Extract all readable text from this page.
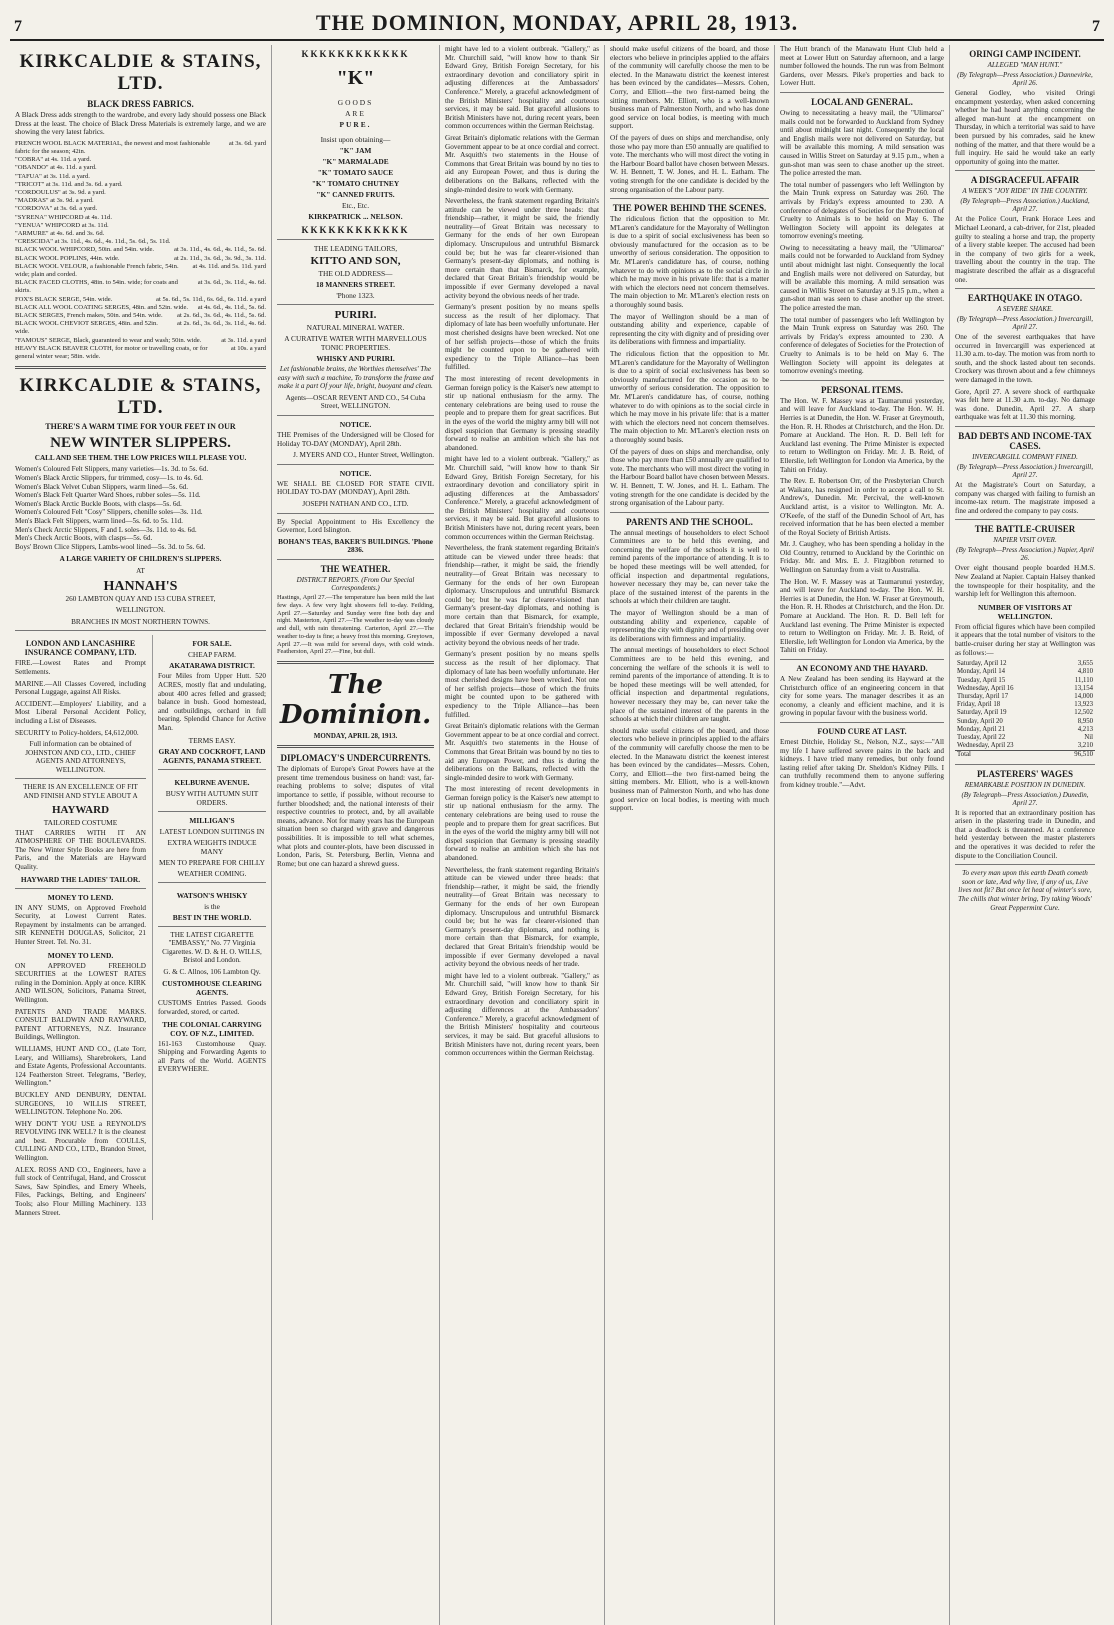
7	THE DOMINION, MONDAY, APRIL 28, 1913.	7
KIRKCALDIE & STAINS, LTD.
BLACK DRESS FABRICS.

A Black Dress adds strength to the wardrobe, and every lady should possess one Black Dress at the least. The choice of Black Dress Materials is extremely large, and we are showing the very latest fabrics.

FRENCH WOOL BLACK MATERIAL, the newest and most fashionable fabric for the season; 42in.
at 3s. 6d. yard
"COBRA" at 4s. 11d. a yard.
"OBANDO" at 4s. 11d. a yard.
"TAFUA" at 3s. 11d. a yard.
"TRICOT" at 3s. 11d. and 3s. 6d. a yard.
"CORDOULUS" at 3s. 9d. a yard.
"MADRAS" at 3s. 9d. a yard.
"CORDOVA" at 3s. 6d. a yard.
"SYRENA" WHIPCORD at 4s. 11d.
"YENUA" WHIPCORD at 3s. 11d.
"ARMURE" at 4s. 6d. and 3s. 6d.
"CRESCIDA" at 3s. 11d., 4s. 6d., 4s. 11d., 5s. 6d., 5s. 11d.
BLACK WOOL WHIPCORD, 50in. and 54in. wide.	at 3s. 11d., 4s. 6d., 4s. 11d., 5s. 6d.
BLACK WOOL POPLINS, 44in. wide.	at 2s. 11d., 3s. 6d., 3s. 9d., 3s. 11d.
BLACK WOOL VELOUR, a fashionable French fabric, 54in. wide; plain and corded.
at 4s. 11d. and 5s. 11d. yard
BLACK FACED CLOTHS, 48in. to 54in. wide; for coats and skirts.
at 3s. 6d., 3s. 11d., 4s. 6d.
FOX'S BLACK SERGE, 54in. wide.	at 5s. 6d., 5s. 11d., 6s. 6d., 6s. 11d. a yard
BLACK ALL WOOL COATING SERGES, 48in. and 52in. wide. at 4s. 6d., 4s. 11d., 5s. 6d.
BLACK SERGES, French makes, 50in. and 54in. wide. at 2s. 6d., 3s. 6d., 4s. 11d., 5s. 6d.
BLACK WOOL CHEVIOT SERGES, 48in. and 52in. wide.
at 2s. 6d., 3s. 6d., 3s. 11d., 4s. 6d.
"FAMOUS" SERGE, Black, guaranteed to wear and wash; 50in. wide.	at 3s. 11d. a yard
HEAVY BLACK BEAVER CLOTH, for motor or travelling coats, or for general winter wear; 58in. wide.
at 10s. a yard
KIRKCALDIE & STAINS, LTD.
THERE'S A WARM TIME FOR YOUR FEET IN OUR
NEW WINTER SLIPPERS.
CALL AND SEE THEM. THE LOW PRICES WILL PLEASE YOU.
Women's Coloured Felt Slippers, many varieties—1s. 3d. to 5s. 6d.
Women's Black Arctic Slippers, fur trimmed, cosy—1s. to 4s. 6d.
Women's Black Velvet Cuban Slippers, warm lined—5s. 6d.
Women's Black Felt Quarter Ward Shoes, rubber soles—5s. 11d.
Women's Black Arctic Buckle Boots, with clasps—5s. 6d.
Women's Coloured Felt "Cosy" Slippers, chenille soles—3s. 11d.
Men's Black Felt Slippers, warm lined—5s. 6d. to 5s. 11d.
Men's Check Arctic Slippers, F and L soles—3s. 11d. to 4s. 6d.
Men's Check Arctic Boots, with clasps—5s. 6d.
Boys' Brown Clice Slippers, Lambs-wool lined—5s. 3d. to 5s. 6d.
A LARGE VARIETY OF CHILDREN'S SLIPPERS.
AT
HANNAH'S
260 LAMBTON QUAY AND 153 CUBA STREET,
WELLINGTON.
BRANCHES IN MOST NORTHERN TOWNS.
LONDON AND LANCASHIRE INSURANCE COMPANY, LTD.

FIRE.—Lowest Rates and Prompt Settlements.

MARINE.—All Classes Covered, including Personal Luggage, against All Risks.

ACCIDENT.—Employers' Liability, and a Most Liberal Personal Accident Policy, including a List of Diseases.

SECURITY to Policy-holders, £4,612,000.

Full information can be obtained of JOHNSTON AND CO., LTD., CHIEF AGENTS AND ATTORNEYS, WELLINGTON.

THERE IS AN EXCELLENCE OF FIT AND FINISH AND STYLE ABOUT A

HAYWARD
TAILORED COSTUME

THAT CARRIES WITH IT AN ATMOSPHERE OF THE BOULEVARDS. The New Winter Style Books are here from Paris, and the Materials are Hayward Quality.

HAYWARD THE LADIES' TAILOR.
MONEY TO LEND.

IN ANY SUMS, on Approved Freehold Security, at Lowest Current Rates. Repayment by instalments can be arranged. SIR KENNETH DOUGLAS, Solicitor, 21 Hunter Street. Tel. No. 31.

MONEY TO LEND.

ON APPROVED FREEHOLD SECURITIES at the LOWEST RATES ruling in the Dominion. Apply at once. KIRK AND WILSON, Solicitors, Panama Street, Wellington.

PATENTS AND TRADE MARKS. CONSULT BALDWIN AND RAYWARD, PATENT ATTORNEYS, N.Z. Insurance Buildings, Wellington.

WILLIAMS, HUNT AND CO., (Late Torr, Leary, and Williams), Sharebrokers, Land and Estate Agents, Professional Accountants. 124 Featherston Street. Telegrams, "Berley, Wellington."

BUCKLEY AND DENBURY, DENTAL SURGEONS, 10 WILLIS STREET, WELLINGTON. Telephone No. 206.

WHY DON'T YOU USE a REYNOLD'S REVOLVING INK WELL? It is the cleanest and best. Procurable from COULLS, CULLING AND CO., LTD., Brandon Street, Wellington.

ALEX. ROSS AND CO., Engineers, have a full stock of Centrifugal, Hand, and Crosscut Saws, Saw Spindles, and Emery Wheels, Files, Packings, Belting, and Engineers' Tools; also Flour Milling Machinery. 133 Manners Street.

FOR SALE.
CHEAP FARM.
AKATARAWA DISTRICT.

Four Miles from Upper Hutt. 520 ACRES, mostly flat and undulating, about 400 acres felled and grassed; balance in bush. Good homestead, and outbuildings, orchard in full bearing. Splendid Chance for Active Man.

TERMS EASY.
GRAY AND COCKROFT, LAND AGENTS, PANAMA STREET.
KELBURNE AVENUE.
BUSY WITH AUTUMN SUIT ORDERS.
MILLIGAN'S
LATEST LONDON SUITINGS IN
EXTRA WEIGHTS INDUCE MANY
MEN TO PREPARE FOR CHILLY
WEATHER COMING.
WATSON'S WHISKY
is the
BEST IN THE WORLD.

THE LATEST CIGARETTE "EMBASSY," No. 77 Virginia Cigarettes. W. D. & H. O. WILLS, Bristol and London.

G. & C. Allnos, 106 Lambton Qy.

CUSTOMHOUSE CLEARING AGENTS.

CUSTOMS Entries Passed. Goods forwarded, stored, or carted.

THE COLONIAL CARRYING COY. OF N.Z., LIMITED.

161-163 Customhouse Quay. Shipping and Forwarding Agents to all Parts of the World. AGENTS EVERYWHERE.

KKKKKKKKKKKK
"K"
GOODS
ARE
PURE.
Insist upon obtaining—
"K" JAM
"K" MARMALADE
"K" TOMATO SAUCE
"K" TOMATO CHUTNEY
"K" CANNED FRUITS.
Etc., Etc.
KIRKPATRICK ... NELSON.
KKKKKKKKKKKK
THE LEADING TAILORS,
KITTO AND SON,
THE OLD ADDRESS—
18 MANNERS STREET.
'Phone 1323.
PURIRI.
NATURAL MINERAL WATER.
A CURATIVE WATER WITH MARVELLOUS TONIC PROPERTIES.
WHISKY AND PURIRI.

Let fashionable brains, the Worthies themselves' The easy with such a machine, To transform the frame and make it a part Of your life, bright, buoyant and clean.

Agents—OSCAR REVENT AND CO., 54 Cuba Street, WELLINGTON.

NOTICE.

THE Premises of the Undersigned will be Closed for Holiday TO-DAY (MONDAY), April 28th.

J. MYERS AND CO., Hunter Street, Wellington.

NOTICE.

WE SHALL BE CLOSED FOR STATE CIVIL HOLIDAY TO-DAY (MONDAY), April 28th.

JOSEPH NATHAN AND CO., LTD.

By Special Appointment to His Excellency the Governor, Lord Islington.

BOHAN'S TEAS, BAKER'S BUILDINGS. 'Phone 2836.

THE WEATHER.
DISTRICT REPORTS. (From Our Special Correspondents.)

Hastings, April 27.—The temperature has been mild the last few days. A few very light showers fell to-day. Feilding, April 27.—Saturday and Sunday were fine both day and night. Masterton, April 27.—The weather to-day was cloudy and dull, with rain threatening. Carterton, April 27.—The weather to-day is fine; a heavy frost this morning. Greytown, April 27.—It was mild for several days, with cold winds. Featherston, April 27.—Fine, but dull.

The Dominion.
MONDAY, APRIL 28, 1913.
DIPLOMACY'S UNDERCURRENTS.

The diplomats of Europe's Great Powers have at the present time tremendous business on hand: vast, far-reaching problems to solve; disputes of vital importance to settle, if possible, without recourse to further bloodshed; and, the national interests of their respective countries to protect, and, by all available means, advance. Not for many years has the European situation been so charged with grave and dangerous possibilities. It is impossible to tell what schemes, what plots and counter-plots, have been discussed in London, Paris, St. Petersburg, Berlin, Vienna and Rome; but one can hazard a shrewd guess.

might have led to a violent outbreak. "Gallery," as Mr. Churchill said, "will know how to thank Sir Edward Grey, British Foreign Secretary, for his extraordinary devotion and conciliatory spirit in adjusting differences at the Ambassadors' Conference." Merely, a graceful acknowledgment of the British Ministers' hospitality and courteous services, it may be said. But graceful allusions to British Ministers have not, during recent years, been common occurrences within the German Reichstag.

Great Britain's diplomatic relations with the German Government appear to be at once cordial and correct. Mr. Asquith's two statements in the House of Commons that Great Britain was bound by no ties to aid any European Power, and thus is during the deliberations on the Balkans, reflected with the single-minded desire to work with Germany.

Nevertheless, the frank statement regarding Britain's attitude can be viewed under three heads: that friendship—rather, it might be said, the friendly neutrality—of Great Britain was necessary to Germany for the ends of her own European diplomacy. Unscrupulous and untruthful Bismarck could be; but he was far clearer-visioned than Germany's present-day diplomats, and nothing is more certain than that Bismarck, for example, declared that Great Britain's friendship would be impossible if ever Germany developed a naval activity beyond the obvious needs of her trade.

Germany's present position by no means spells success as the result of her diplomacy. That diplomacy of late has been woefully unfortunate. Her most cherished designs have been wrecked. Not one of her selfish projects—those of which the fruits might be counted upon to be gathered with expediency to the Triple Alliance—has been fulfilled.

The most interesting of recent developments in German foreign policy is the Kaiser's new attempt to stir up national enthusiasm for the army. The centenary celebrations are being used to rouse the people and to prepare them for great sacrifices. But in the eyes of the world the mighty army bill will not dispel suspicion that Germany is pressing steadily forward to realise an ambition which she has not abandoned.

might have led to a violent outbreak. "Gallery," as Mr. Churchill said, "will know how to thank Sir Edward Grey, British Foreign Secretary, for his extraordinary devotion and conciliatory spirit in adjusting differences at the Ambassadors' Conference." Merely, a graceful acknowledgment of the British Ministers' hospitality and courteous services, it may be said. But graceful allusions to British Ministers have not, during recent years, been common occurrences within the German Reichstag.

Nevertheless, the frank statement regarding Britain's attitude can be viewed under three heads: that friendship—rather, it might be said, the friendly neutrality—of Great Britain was necessary to Germany for the ends of her own European diplomacy. Unscrupulous and untruthful Bismarck could be; but he was far clearer-visioned than Germany's present-day diplomats, and nothing is more certain than that Bismarck, for example, declared that Great Britain's friendship would be impossible if ever Germany developed a naval activity beyond the obvious needs of her trade.

Germany's present position by no means spells success as the result of her diplomacy. That diplomacy of late has been woefully unfortunate. Her most cherished designs have been wrecked. Not one of her selfish projects—those of which the fruits might be counted upon to be gathered with expediency to the Triple Alliance—has been fulfilled.

Great Britain's diplomatic relations with the German Government appear to be at once cordial and correct. Mr. Asquith's two statements in the House of Commons that Great Britain was bound by no ties to aid any European Power, and thus is during the deliberations on the Balkans, reflected with the single-minded desire to work with Germany.

The most interesting of recent developments in German foreign policy is the Kaiser's new attempt to stir up national enthusiasm for the army. The centenary celebrations are being used to rouse the people and to prepare them for great sacrifices. But in the eyes of the world the mighty army bill will not dispel suspicion that Germany is pressing steadily forward to realise an ambition which she has not abandoned.

Nevertheless, the frank statement regarding Britain's attitude can be viewed under three heads: that friendship—rather, it might be said, the friendly neutrality—of Great Britain was necessary to Germany for the ends of her own European diplomacy. Unscrupulous and untruthful Bismarck could be; but he was far clearer-visioned than Germany's present-day diplomats, and nothing is more certain than that Bismarck, for example, declared that Great Britain's friendship would be impossible if ever Germany developed a naval activity beyond the obvious needs of her trade.

might have led to a violent outbreak. "Gallery," as Mr. Churchill said, "will know how to thank Sir Edward Grey, British Foreign Secretary, for his extraordinary devotion and conciliatory spirit in adjusting differences at the Ambassadors' Conference." Merely, a graceful acknowledgment of the British Ministers' hospitality and courteous services, it may be said. But graceful allusions to British Ministers have not, during recent years, been common occurrences within the German Reichstag.

should make useful citizens of the board, and those electors who believe in principles applied to the affairs of the community will carefully choose the men to be elected. In the Manawatu district the keenest interest has been evinced by the candidates—Messrs. Cohen, Corry, and Elliott—the two first-named being the sitting members. Mr. Elliott, who is a well-known business man of Palmerston North, and who has done good service on local bodies, is meeting with much support.

Of the payers of dues on ships and merchandise, only those who pay more than £50 annually are qualified to vote. The merchants who will most direct the voting in the Harbour Board ballot have chosen between Messrs. W. H. Bennett, T. W. Jones, and H. L. Eatham. The voting strength for the one candidate is decided by the strong organisation of the Labour party.

THE POWER BEHIND THE SCENES.

The ridiculous fiction that the opposition to Mr. M'Laren's candidature for the Mayoralty of Wellington is due to a spirit of social exclusiveness has been so obviously manufactured for the occasion as to be unworthy of serious consideration. The opposition to Mr. M'Laren's candidature has, of course, nothing whatever to do with opinions as to the social circle in which he may move in his private life: that is a matter with which the electors need not concern themselves. The main objection to Mr. M'Laren's election rests on a thoroughly sound basis.

The mayor of Wellington should be a man of outstanding ability and experience, capable of representing the city with dignity and of presiding over its deliberations with firmness and impartiality.

The ridiculous fiction that the opposition to Mr. M'Laren's candidature for the Mayoralty of Wellington is due to a spirit of social exclusiveness has been so obviously manufactured for the occasion as to be unworthy of serious consideration. The opposition to Mr. M'Laren's candidature has, of course, nothing whatever to do with opinions as to the social circle in which he may move in his private life: that is a matter with which the electors need not concern themselves. The main objection to Mr. M'Laren's election rests on a thoroughly sound basis.

Of the payers of dues on ships and merchandise, only those who pay more than £50 annually are qualified to vote. The merchants who will most direct the voting in the Harbour Board ballot have chosen between Messrs. W. H. Bennett, T. W. Jones, and H. L. Eatham. The voting strength for the one candidate is decided by the strong organisation of the Labour party.

PARENTS AND THE SCHOOL.

The annual meetings of householders to elect School Committees are to be held this evening, and concerning the welfare of the schools it is well to remind parents of the importance of attending. It is to be hoped these meetings will be well attended, for official inspection and departmental regulations, however necessary they may be, can never take the place of the sustained interest of the parents in the schools at which their children are taught.

The mayor of Wellington should be a man of outstanding ability and experience, capable of representing the city with dignity and of presiding over its deliberations with firmness and impartiality.

The annual meetings of householders to elect School Committees are to be held this evening, and concerning the welfare of the schools it is well to remind parents of the importance of attending. It is to be hoped these meetings will be well attended, for official inspection and departmental regulations, however necessary they may be, can never take the place of the sustained interest of the parents in the schools at which their children are taught.

should make useful citizens of the board, and those electors who believe in principles applied to the affairs of the community will carefully choose the men to be elected. In the Manawatu district the keenest interest has been evinced by the candidates—Messrs. Cohen, Corry, and Elliott—the two first-named being the sitting members. Mr. Elliott, who is a well-known business man of Palmerston North, and who has done good service on local bodies, is meeting with much support.

The Hutt branch of the Manawatu Hunt Club held a meet at Lower Hutt on Saturday afternoon, and a large number followed the hounds. The run was from Belmont Gardens, over Messrs. Pike's properties and back to Lower Hutt.

LOCAL AND GENERAL.

Owing to necessitating a heavy mail, the "Ulimaroa" mails could not be forwarded to Auckland from Sydney until about midnight last night. Consequently the local and English mails were not delivered on Saturday, but will be available this morning. A mild sensation was caused in Willis Street on Saturday at 9.15 p.m., when a gun-shot man was seen to chase another up the street. The police arrested the man.

The total number of passengers who left Wellington by the Main Trunk express on Saturday was 260. The arrivals by Friday's express amounted to 230. A conference of delegates of Societies for the Protection of Cruelty to Animals is to be held on May 6. The Wellington Society will appoint its delegates at tomorrow evening's meeting.

Owing to necessitating a heavy mail, the "Ulimaroa" mails could not be forwarded to Auckland from Sydney until about midnight last night. Consequently the local and English mails were not delivered on Saturday, but will be available this morning. A mild sensation was caused in Willis Street on Saturday at 9.15 p.m., when a gun-shot man was seen to chase another up the street. The police arrested the man.

The total number of passengers who left Wellington by the Main Trunk express on Saturday was 260. The arrivals by Friday's express amounted to 230. A conference of delegates of Societies for the Protection of Cruelty to Animals is to be held on May 6. The Wellington Society will appoint its delegates at tomorrow evening's meeting.

PERSONAL ITEMS.

The Hon. W. F. Massey was at Taumarunui yesterday, and will leave for Auckland to-day. The Hon. W. H. Herries is at Dunedin, the Hon. W. Fraser at Greymouth, the Hon. R. H. Rhodes at Christchurch, and the Hon. Dr. Pomare at Auckland. The Hon. R. D. Bell left for Auckland last evening. The Prime Minister is expected to return to Wellington on Friday. Mr. J. B. Reid, of Ellerslie, left Wellington for London via America, by the Tahiti on Friday.

The Rev. E. Robertson Orr, of the Presbyterian Church at Waikato, has resigned in order to accept a call to St. Andrew's, Dunedin. Mr. Percival, the well-known Auckland artist, is a visitor to Wellington. Mr. A. O'Keefe, of the staff of the Dunedin School of Art, has received information that he has been elected a member of the Royal Society of British Artists.

Mr. J. Caughey, who has been spending a holiday in the Old Country, returned to Auckland by the Corinthic on Friday. Mr. and Mrs. E. J. Fitzgibbon returned to Wellington on Saturday from a visit to Australia.

The Hon. W. F. Massey was at Taumarunui yesterday, and will leave for Auckland to-day. The Hon. W. H. Herries is at Dunedin, the Hon. W. Fraser at Greymouth, the Hon. R. H. Rhodes at Christchurch, and the Hon. Dr. Pomare at Auckland. The Hon. R. D. Bell left for Auckland last evening. The Prime Minister is expected to return to Wellington on Friday. Mr. J. B. Reid, of Ellerslie, left Wellington for London via America, by the Tahiti on Friday.

AN ECONOMY AND THE HAYARD.

A New Zealand has been sending its Hayward at the Christchurch office of an engineering concern in that city for some years. The manager describes it as an economy, a cleanly and efficient machine, and it is growing in popular favour with the business world.

FOUND CURE AT LAST.

Ernest Ditchie, Holiday St., Nelson, N.Z., says:—"All my life I have suffered severe pains in the back and kidneys. I have tried many remedies, but only found lasting relief after taking Dr. Sheldon's Kidney Pills. I can truthfully recommend them to anyone suffering from kidney trouble."—Advt.

ORINGI CAMP INCIDENT.
ALLEGED "MAN HUNT."
(By Telegraph—Press Association.) Dannevirke, April 26.

General Godley, who visited Oringi encampment yesterday, when asked concerning whether he had heard anything concerning the alleged man-hunt at the encampment on Thursday, in which a territorial was said to have been pursued by his comrades, said he knew nothing of the matter, and that there would be a full inquiry. He said he would take an early opportunity of going into the matter.

A DISGRACEFUL AFFAIR
A WEEK'S "JOY RIDE" IN THE COUNTRY.
(By Telegraph—Press Association.) Auckland, April 27.

At the Police Court, Frank Horace Lees and Michael Leonard, a cab-driver, for 21st, pleaded guilty to stealing a horse and trap, the property of a livery stable keeper. The accused had been in the company of two girls for a week, travelling about the country in the trap. The magistrate described the affair as a disgraceful one.

EARTHQUAKE IN OTAGO.
A SEVERE SHAKE.
(By Telegraph—Press Association.) Invercargill, April 27.

One of the severest earthquakes that have occurred in Invercargill was experienced at 11.30 a.m. to-day. The motion was from north to south, and the shock lasted about ten seconds. Crockery was thrown about and a few chimneys were damaged in the town.

Gore, April 27. A severe shock of earthquake was felt here at 11.30 a.m. to-day. No damage was done. Dunedin, April 27. A sharp earthquake was felt at 11.30 this morning.

BAD DEBTS AND INCOME-TAX CASES.
INVERCARGILL COMPANY FINED.
(By Telegraph—Press Association.) Invercargill, April 27.

At the Magistrate's Court on Saturday, a company was charged with failing to furnish an income-tax return. The magistrate imposed a fine and ordered the company to pay costs.

THE BATTLE-CRUISER
NAPIER VISIT OVER.
(By Telegraph—Press Association.) Napier, April 26.

Over eight thousand people boarded H.M.S. New Zealand at Napier. Captain Halsey thanked the townspeople for their hospitality, and the warship left for Wellington this afternoon.

NUMBER OF VISITORS AT WELLINGTON.

From official figures which have been compiled it appears that the total number of visitors to the battle-cruiser during her stay at Wellington was as follows:—

Saturday, April 12	3,655
Monday, April 14	4,810
Tuesday, April 15	11,110
Wednesday, April 16	13,154
Thursday, April 17	14,000
Friday, April 18	13,923
Saturday, April 19	12,502
Sunday, April 20	8,950
Monday, April 21	4,213
Tuesday, April 22	Nil
Wednesday, April 23	3,210
Total	96,510
PLASTERERS' WAGES
REMARKABLE POSITION IN DUNEDIN.
(By Telegraph—Press Association.) Dunedin, April 27.

It is reported that an extraordinary position has arisen in the plastering trade in Dunedin, and that a deadlock is threatened. At a conference held yesterday between the master plasterers and the operatives it was decided to refer the dispute to the Conciliation Council.

To every man upon this earth Death cometh soon or late, And why live, if any of us, Live lives not fit? But once let heat of winter's sore, The chills that winter bring, Try taking Woods' Great Peppermint Cure.
